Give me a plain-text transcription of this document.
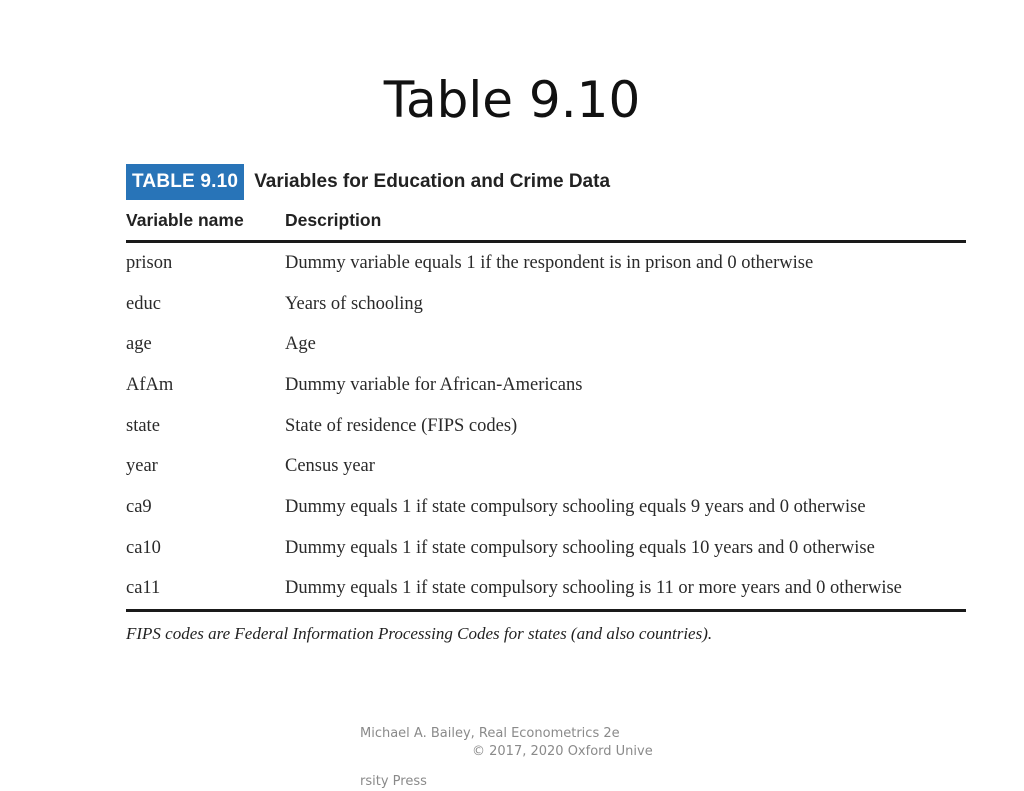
Table 9.10
TABLE 9.10 Variables for Education and Crime Data
Variable name	Description
prison	Dummy variable equals 1 if the respondent is in prison and 0 otherwise
educ	Years of schooling
age	Age
AfAm	Dummy variable for African-Americans
state	State of residence (FIPS codes)
year	Census year
ca9	Dummy equals 1 if state compulsory schooling equals 9 years and 0 otherwise
ca10	Dummy equals 1 if state compulsory schooling equals 10 years and 0 otherwise
ca11	Dummy equals 1 if state compulsory schooling is 11 or more years and 0 otherwise
FIPS codes are Federal Information Processing Codes for states (and also countries).
Michael A. Bailey, Real Econometrics 2e
© 2017, 2020 Oxford Unive
rsity Press
